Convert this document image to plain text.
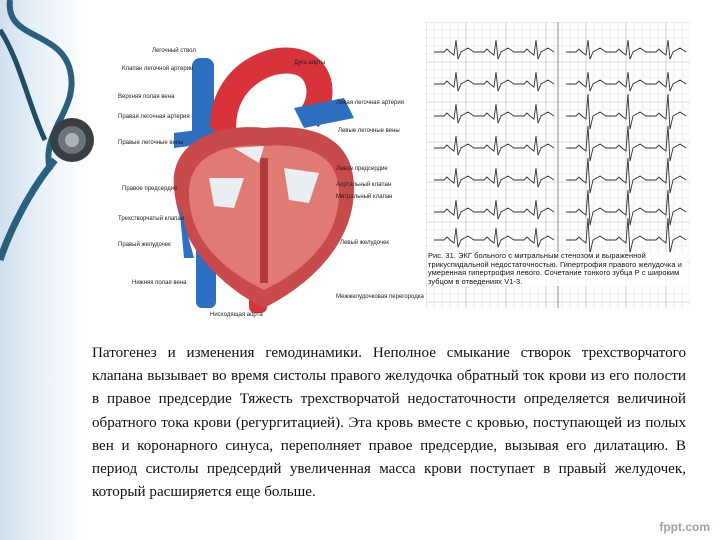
Легочный ствол
Клапан легочной артерии
Дуга аорты
Верхняя полая вена
Правая легочная артерия
Левая легочная артерия
Правые легочные вены
Левые легочные вены
Правое предсердие
Левое предсердие
Аортальный клапан
Митральный клапан
Трехстворчатый клапан
Правый желудочек	Левый желудочек
Нижняя полая вена
Нисходящая аорта
Межжелудочковая перегородка
Рис. 31. ЭКГ больного с митральным стенозом и выраженной трикуспидальной недостаточностью. Гипертрофия правого желудочка и умеренная гипертрофия левого. Сочетание тонкого зубца Р с широким зубцом в отведениях V1-3.
Патогенез и изменения гемодинамики. Неполное смыкание створок трехстворчатого клапана вызывает во время систолы правого желудочка обратный ток крови из его полости в правое предсердие Тяжесть трехстворчатой недостаточности определяется величиной обратного тока крови (регургитацией). Эта кровь вместе с кровью, поступающей из полых вен и коронарного синуса, переполняет правое предсердие, вызывая его дилатацию. В период систолы предсердий увеличенная масса крови поступает в правый желудочек, который расширяется еще больше.
fppt.com
